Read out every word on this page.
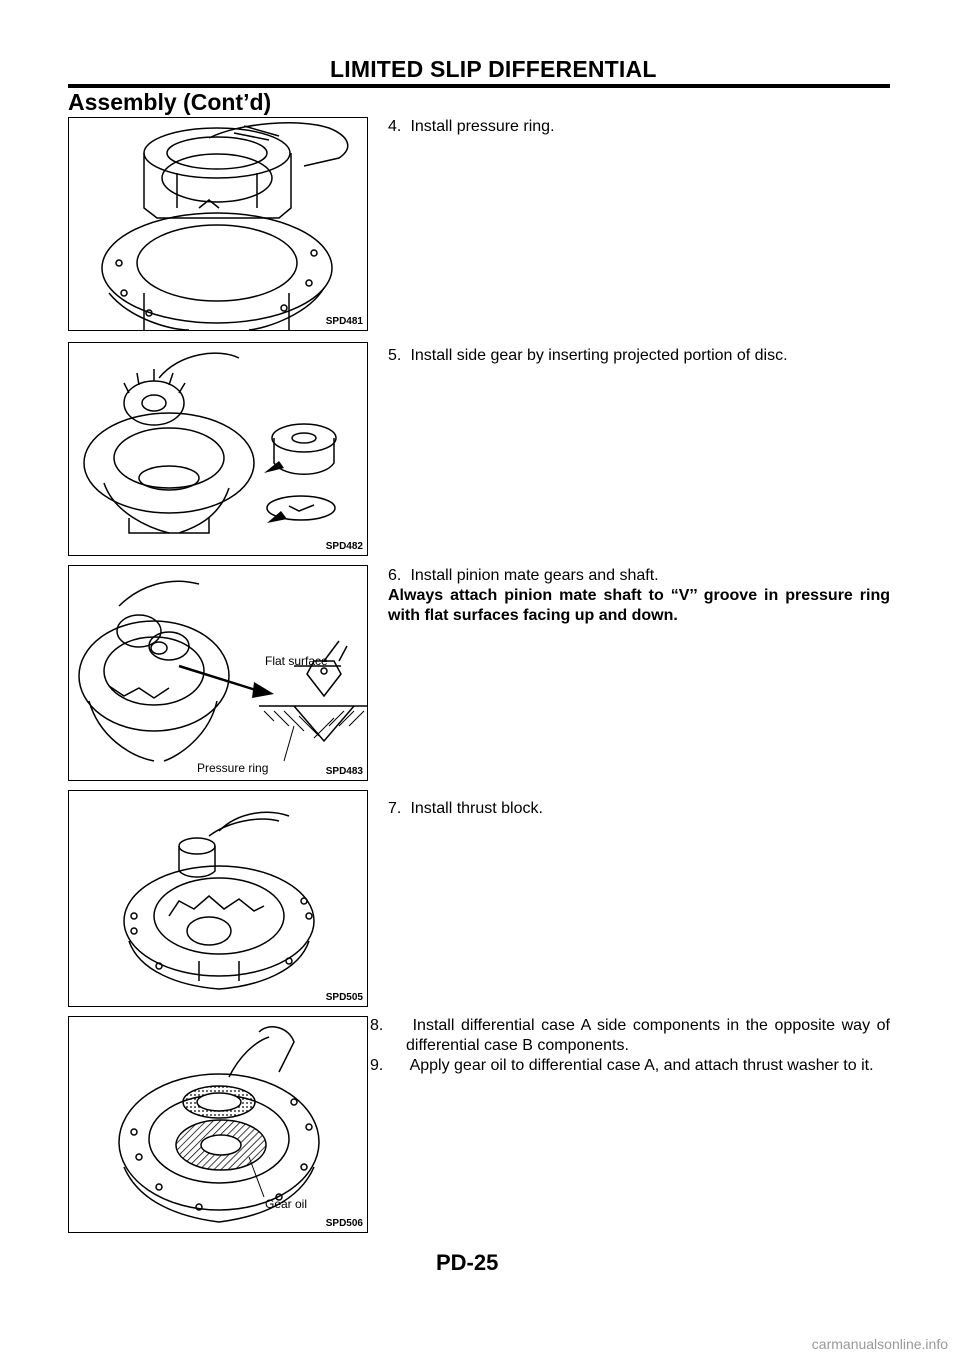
LIMITED SLIP DIFFERENTIAL
Assembly (Cont’d)
SPD481
4. Install pressure ring.
SPD482
5. Install side gear by inserting projected portion of disc.
Flat surface
Pressure ring	SPD483
6. Install pinion mate gears and shaft.
Always attach pinion mate shaft to “V’’ groove in pressure ring with flat surfaces facing up and down.
SPD505
7. Install thrust block.
Gear oil
SPD506
8. Install differential case A side components in the opposite way of differential case B components.
9. Apply gear oil to differential case A, and attach thrust washer to it.
PD-25
carmanualsonline.info
